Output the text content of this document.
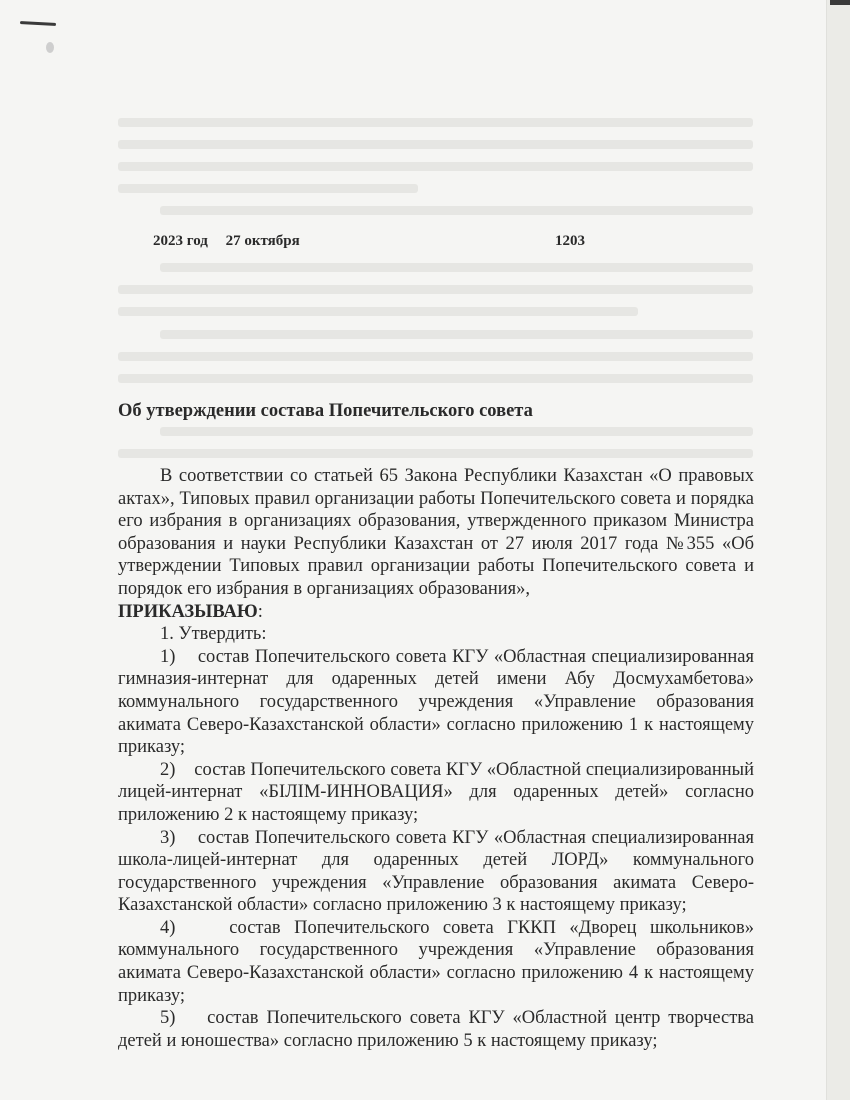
2023 год 27 октября	1203
Об утверждении состава Попечительского совета

В соответствии со статьей 65 Закона Республики Казахстан «О правовых актах», Типовых правил организации работы Попечительского совета и порядка его избрания в организациях образования, утвержденного приказом Министра образования и науки Республики Казахстан от 27 июля 2017 года №355 «Об утверждении Типовых правил организации работы Попечительского совета и порядок его избрания в организациях образования»,

ПРИКАЗЫВАЮ:

1. Утвердить:

1) состав Попечительского совета КГУ «Областная специализированная гимназия-интернат для одаренных детей имени Абу Досмухамбетова» коммунального государственного учреждения «Управление образования акимата Северо-Казахстанской области» согласно приложению 1 к настоящему приказу;

2) состав Попечительского совета КГУ «Областной специализированный лицей-интернат «БІЛІМ-ИННОВАЦИЯ» для одаренных детей» согласно приложению 2 к настоящему приказу;

3) состав Попечительского совета КГУ «Областная специализированная школа-лицей-интернат для одаренных детей ЛОРД» коммунального государственного учреждения «Управление образования акимата Северо-Казахстанской области» согласно приложению 3 к настоящему приказу;

4)	состав Попечительского совета ГККП «Дворец школьников» коммунального государственного учреждения «Управление образования акимата Северо-Казахстанской области» согласно приложению 4 к настоящему приказу;

5) состав Попечительского совета КГУ «Областной центр творчества детей и юношества» согласно приложению 5 к настоящему приказу;
